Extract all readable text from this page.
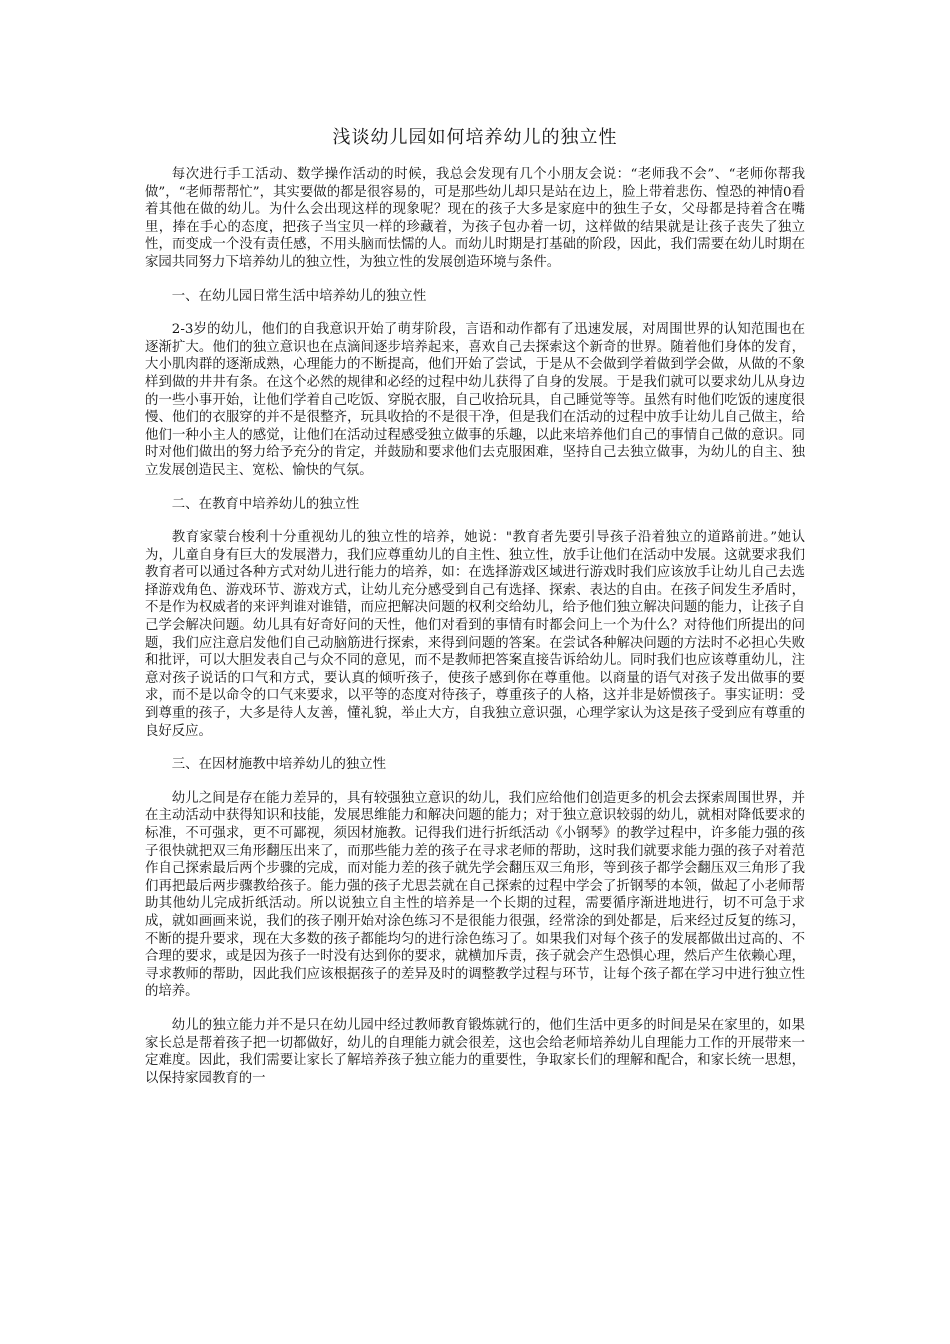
浅谈幼儿园如何培养幼儿的独立性

每次进行手工活动、数学操作活动的时候，我总会发现有几个小朋友会说：“老师我不会”、“老师你帮我做”，“老师帮帮忙”，其实要做的都是很容易的，可是那些幼儿却只是站在边上，脸上带着悲伤、惶恐的神情0看着其他在做的幼儿。为什么会出现这样的现象呢？现在的孩子大多是家庭中的独生子女，父母都是持着含在嘴里，捧在手心的态度，把孩子当宝贝一样的珍藏着，为孩子包办着一切，这样做的结果就是让孩子丧失了独立性，而变成一个没有责任感，不用头脑而怯懦的人。而幼儿时期是打基础的阶段，因此，我们需要在幼儿时期在家园共同努力下培养幼儿的独立性，为独立性的发展创造环境与条件。

一、在幼儿园日常生活中培养幼儿的独立性

2-3岁的幼儿，他们的自我意识开始了萌芽阶段，言语和动作都有了迅速发展，对周围世界的认知范围也在逐渐扩大。他们的独立意识也在点滴间逐步培养起来，喜欢自己去探索这个新奇的世界。随着他们身体的发育，大小肌肉群的逐渐成熟，心理能力的不断提高，他们开始了尝试，于是从不会做到学着做到学会做，从做的不象样到做的井井有条。在这个必然的规律和必经的过程中幼儿获得了自身的发展。于是我们就可以要求幼儿从身边的一些小事开始，让他们学着自己吃饭、穿脱衣服，自己收拾玩具，自己睡觉等等。虽然有时他们吃饭的速度很慢、他们的衣服穿的并不是很整齐，玩具收拾的不是很干净，但是我们在活动的过程中放手让幼儿自己做主，给他们一种小主人的感觉，让他们在活动过程感受独立做事的乐趣，以此来培养他们自己的事情自己做的意识。同时对他们做出的努力给予充分的肯定，并鼓励和要求他们去克服困难，坚持自己去独立做事，为幼儿的自主、独立发展创造民主、宽松、愉快的气氛。

二、在教育中培养幼儿的独立性

教育家蒙台梭利十分重视幼儿的独立性的培养，她说："教育者先要引导孩子沿着独立的道路前进。”她认为，儿童自身有巨大的发展潜力，我们应尊重幼儿的自主性、独立性，放手让他们在活动中发展。这就要求我们教育者可以通过各种方式对幼儿进行能力的培养，如：在选择游戏区域进行游戏时我们应该放手让幼儿自己去选择游戏角色、游戏环节、游戏方式，让幼儿充分感受到自己有选择、探索、表达的自由。在孩子间发生矛盾时，不是作为权威者的来评判谁对谁错，而应把解决问题的权利交给幼儿，给予他们独立解决问题的能力，让孩子自己学会解决问题。幼儿具有好奇好问的天性，他们对看到的事情有时都会问上一个为什么？对待他们所提出的问题，我们应注意启发他们自己动脑筋进行探索，来得到问题的答案。在尝试各种解决问题的方法时不必担心失败和批评，可以大胆发表自己与众不同的意见，而不是教师把答案直接告诉给幼儿。同时我们也应该尊重幼儿，注意对孩子说话的口气和方式，要认真的倾听孩子，使孩子感到你在尊重他。以商量的语气对孩子发出做事的要求，而不是以命令的口气来要求，以平等的态度对待孩子，尊重孩子的人格，这并非是娇惯孩子。事实证明：受到尊重的孩子，大多是待人友善，懂礼貌，举止大方，自我独立意识强，心理学家认为这是孩子受到应有尊重的良好反应。

三、在因材施教中培养幼儿的独立性

幼儿之间是存在能力差异的，具有较强独立意识的幼儿，我们应给他们创造更多的机会去探索周围世界，并在主动活动中获得知识和技能，发展思维能力和解决问题的能力；对于独立意识较弱的幼儿，就相对降低要求的标准，不可强求，更不可鄙视，须因材施教。记得我们进行折纸活动《小钢琴》的教学过程中，许多能力强的孩子很快就把双三角形翻压出来了，而那些能力差的孩子在寻求老师的帮助，这时我们就要求能力强的孩子对着范作自己探索最后两个步骤的完成，而对能力差的孩子就先学会翻压双三角形，等到孩子都学会翻压双三角形了我们再把最后两步骤教给孩子。能力强的孩子尤思芸就在自己探索的过程中学会了折钢琴的本领，做起了小老师帮助其他幼儿完成折纸活动。所以说独立自主性的培养是一个长期的过程，需要循序渐进地进行，切不可急于求成，就如画画来说，我们的孩子刚开始对涂色练习不是很能力很强，经常涂的到处都是，后来经过反复的练习，不断的提升要求，现在大多数的孩子都能均匀的进行涂色练习了。如果我们对每个孩子的发展都做出过高的、不合理的要求，或是因为孩子一时没有达到你的要求，就横加斥责，孩子就会产生恐惧心理，然后产生依赖心理，寻求教师的帮助，因此我们应该根据孩子的差异及时的调整教学过程与环节，让每个孩子都在学习中进行独立性的培养。

幼儿的独立能力并不是只在幼儿园中经过教师教育锻炼就行的，他们生活中更多的时间是呆在家里的，如果家长总是帮着孩子把一切都做好，幼儿的自理能力就会很差，这也会给老师培养幼儿自理能力工作的开展带来一定难度。因此，我们需要让家长了解培养孩子独立能力的重要性，争取家长们的理解和配合，和家长统一思想，以保持家园教育的一
